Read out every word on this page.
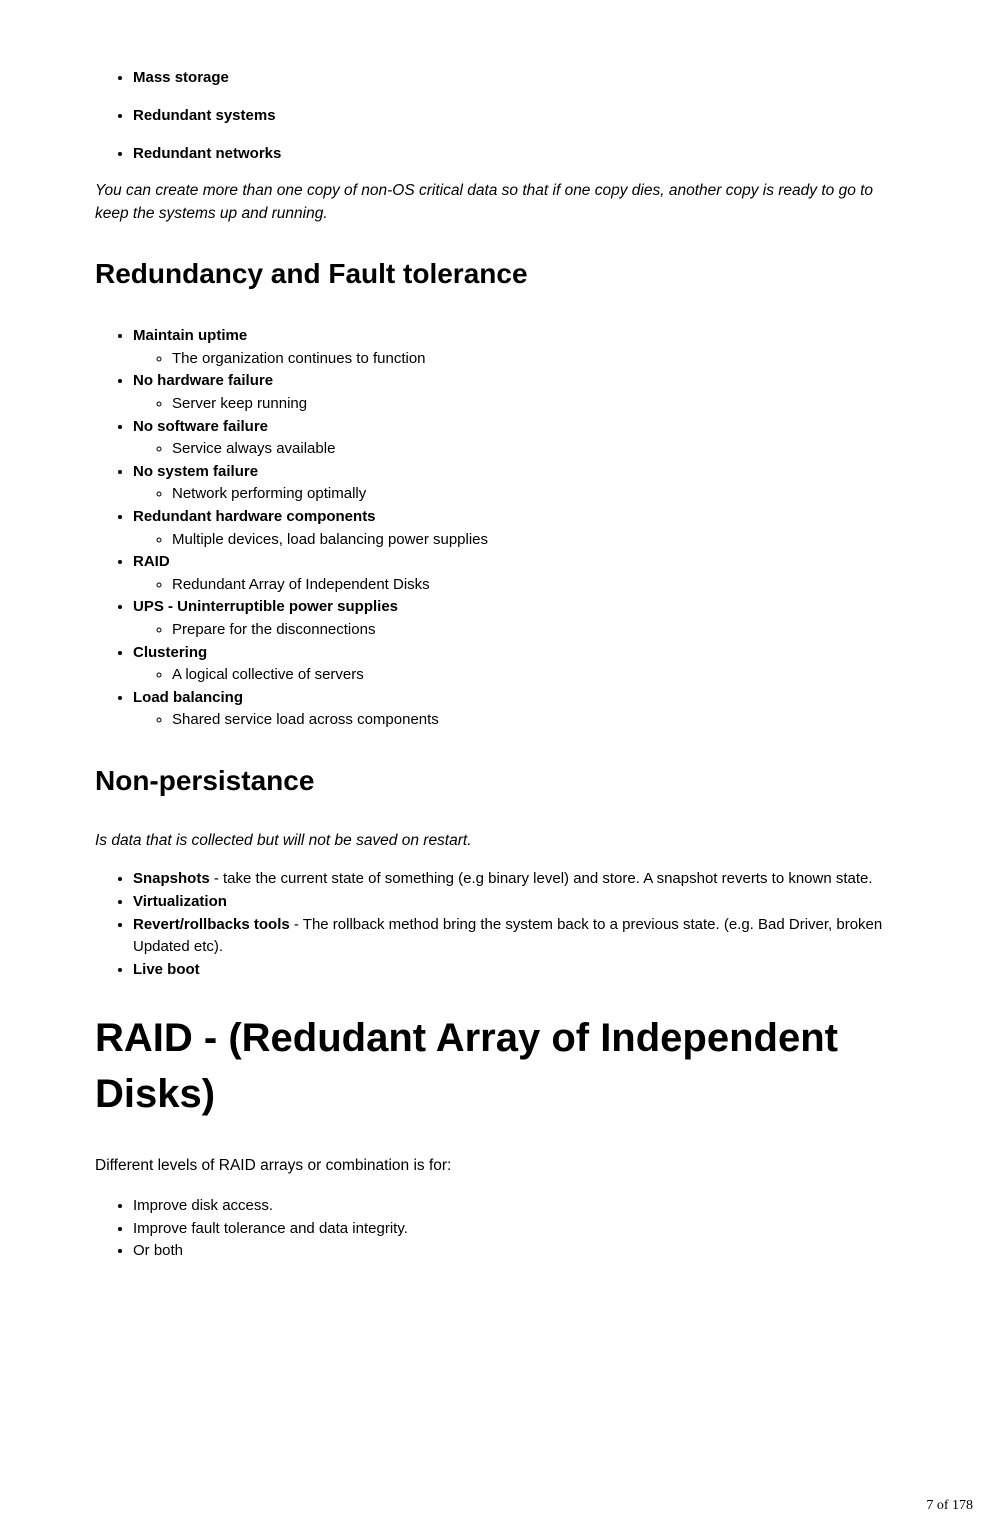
• Mass storage
• Redundant systems
• Redundant networks

You can create more than one copy of non-OS critical data so that if one copy dies, another copy is ready to go to keep the systems up and running.

Redundancy and Fault tolerance
• Maintain uptime
◦ The organization continues to function
• No hardware failure
◦ Server keep running
• No software failure
◦ Service always available
• No system failure
◦ Network performing optimally
• Redundant hardware components
◦ Multiple devices, load balancing power supplies
• RAID
◦ Redundant Array of Independent Disks
• UPS - Uninterruptible power supplies
◦ Prepare for the disconnections
• Clustering
◦ A logical collective of servers
• Load balancing
◦ Shared service load across components
Non-persistance

Is data that is collected but will not be saved on restart.

• Snapshots - take the current state of something (e.g binary level) and store. A snapshot reverts to known state.
• Virtualization
• Revert/rollbacks tools - The rollback method bring the system back to a previous state. (e.g. Bad Driver, broken Updated etc).
• Live boot
RAID - (Redudant Array of Independent Disks)

Different levels of RAID arrays or combination is for:

• Improve disk access.
• Improve fault tolerance and data integrity.
• Or both
7 of 178
